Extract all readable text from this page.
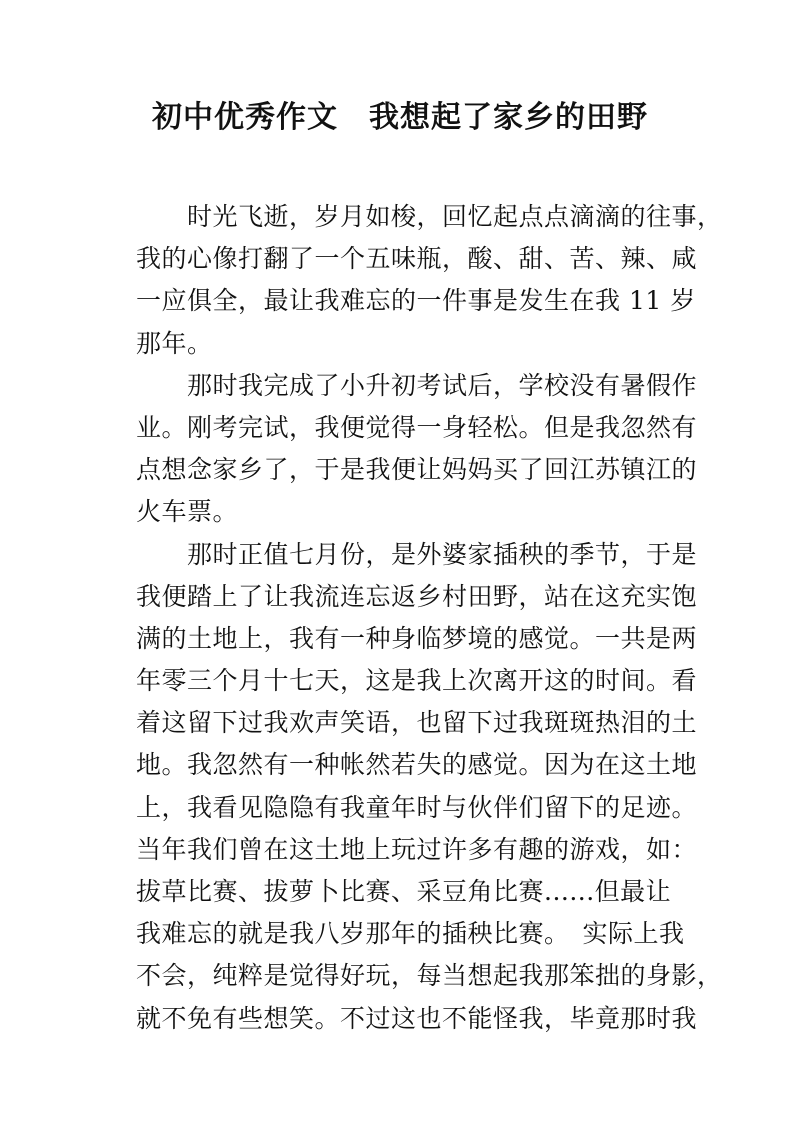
初中优秀作文　我想起了家乡的田野
　　时光飞逝，岁月如梭，回忆起点点滴滴的往事，
我的心像打翻了一个五味瓶，酸、甜、苦、辣、咸
一应俱全，最让我难忘的一件事是发生在我 11 岁
那年。
　　那时我完成了小升初考试后，学校没有暑假作
业。刚考完试，我便觉得一身轻松。但是我忽然有
点想念家乡了，于是我便让妈妈买了回江苏镇江的
火车票。
　　那时正值七月份，是外婆家插秧的季节，于是
我便踏上了让我流连忘返乡村田野，站在这充实饱
满的土地上，我有一种身临梦境的感觉。一共是两
年零三个月十七天，这是我上次离开这的时间。看
着这留下过我欢声笑语，也留下过我斑斑热泪的土
地。我忽然有一种帐然若失的感觉。因为在这土地
上，我看见隐隐有我童年时与伙伴们留下的足迹。
当年我们曾在这土地上玩过许多有趣的游戏，如：
拔草比赛、拔萝卜比赛、采豆角比赛......但最让
我难忘的就是我八岁那年的插秧比赛。　实际上我
不会，纯粹是觉得好玩，每当想起我那笨拙的身影，
就不免有些想笑。不过这也不能怪我，毕竟那时我
